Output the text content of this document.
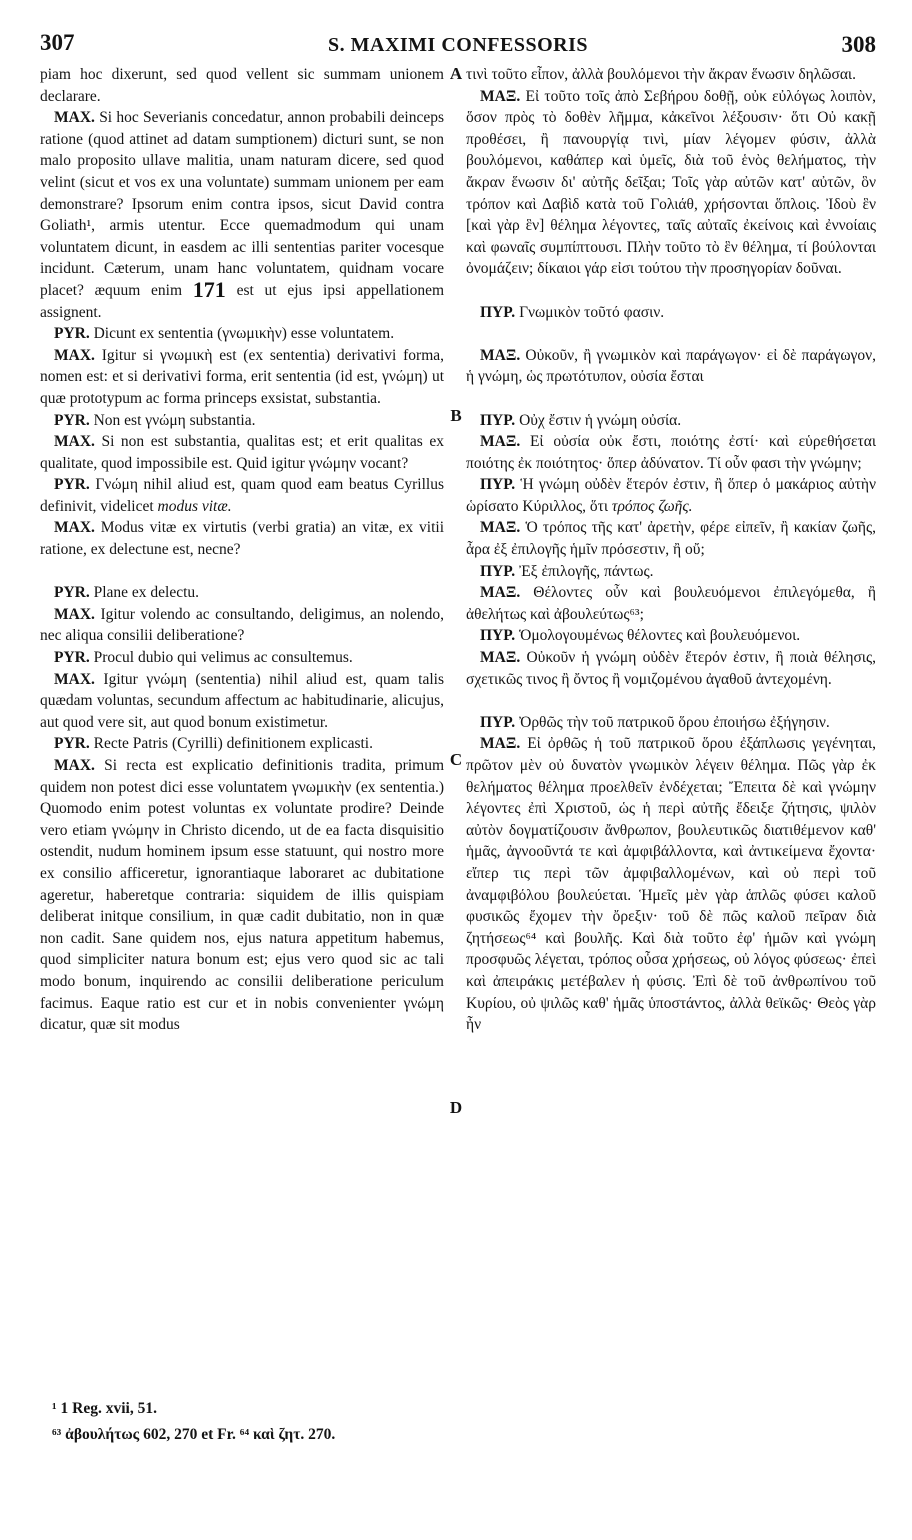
307	S. MAXIMI CONFESSORIS	308
A
B
C
D

piam hoc dixerunt, sed quod vellent sic summam unionem declarare.

MAX. Si hoc Severianis concedatur, annon probabili deinceps ratione (quod attinet ad datam sumptionem) dicturi sunt, se non malo proposito ullave malitia, unam naturam dicere, sed quod velint (sicut et vos ex una voluntate) summam unionem per eam demonstrare? Ipsorum enim contra ipsos, sicut David contra Goliath¹, armis utentur. Ecce quemadmodum qui unam voluntatem dicunt, in easdem ac illi sententias pariter vocesque incidunt. Cæterum, unam hanc voluntatem, quidnam vocare placet? æquum enim 171 est ut ejus ipsi appellationem assignent.

PYR. Dicunt ex sententia (γνωμικὴν) esse voluntatem.

MAX. Igitur si γνωμικὴ est (ex sententia) derivativi forma, nomen est: et si derivativi forma, erit sententia (id est, γνώμη) ut quæ prototypum ac forma princeps exsistat, substantia.

PYR. Non est γνώμη substantia.

MAX. Si non est substantia, qualitas est; et erit qualitas ex qualitate, quod impossibile est. Quid igitur γνώμην vocant?

PYR. Γνώμη nihil aliud est, quam quod eam beatus Cyrillus definivit, videlicet modus vitæ.

MAX. Modus vitæ ex virtutis (verbi gratia) an vitæ, ex vitii ratione, ex delectune est, necne?

PYR. Plane ex delectu.

MAX. Igitur volendo ac consultando, deligimus, an nolendo, nec aliqua consilii deliberatione?

PYR. Procul dubio qui velimus ac consultemus.

MAX. Igitur γνώμη (sententia) nihil aliud est, quam talis quædam voluntas, secundum affectum ac habitudinarie, alicujus, aut quod vere sit, aut quod bonum existimetur.

PYR. Recte Patris (Cyrilli) definitionem explicasti.

MAX. Si recta est explicatio definitionis tradita, primum quidem non potest dici esse voluntatem γνωμικὴν (ex sententia.) Quomodo enim potest voluntas ex voluntate prodire? Deinde vero etiam γνώμην in Christo dicendo, ut de ea facta disquisitio ostendit, nudum hominem ipsum esse statuunt, qui nostro more ex consilio afficeretur, ignorantiaque laboraret ac dubitatione ageretur, haberetque contraria: siquidem de illis quispiam deliberat initque consilium, in quæ cadit dubitatio, non in quæ non cadit. Sane quidem nos, ejus natura appetitum habemus, quod simpliciter natura bonum est; ejus vero quod sic ac tali modo bonum, inquirendo ac consilii deliberatione periculum facimus. Eaque ratio est cur et in nobis convenienter γνώμη dicatur, quæ sit modus

τινὶ τοῦτο εἶπον, ἀλλὰ βουλόμενοι τὴν ἄκραν ἕνωσιν δηλῶσαι.

ΜΑΞ. Εἰ τοῦτο τοῖς ἀπὸ Σεβήρου δοθῇ, οὐκ εὐλόγως λοιπὸν, ὅσον πρὸς τὸ δοθὲν λῆμμα, κἀκεῖνοι λέξουσιν· ὅτι Οὐ κακῇ προθέσει, ἢ πανουργίᾳ τινὶ, μίαν λέγομεν φύσιν, ἀλλὰ βουλόμενοι, καθάπερ καὶ ὑμεῖς, διὰ τοῦ ἑνὸς θελήματος, τὴν ἄκραν ἕνωσιν δι' αὐτῆς δεῖξαι; Τοῖς γὰρ αὐτῶν κατ' αὐτῶν, ὃν τρόπον καὶ Δαβὶδ κατὰ τοῦ Γολιάθ, χρήσονται ὅπλοις. Ἰδοὺ ἓν [καὶ γὰρ ἓν] θέλημα λέγοντες, ταῖς αὐταῖς ἐκείνοις καὶ ἐννοίαις καὶ φωναῖς συμπίπτουσι. Πλὴν τοῦτο τὸ ἓν θέλημα, τί βούλονται ὀνομάζειν; δίκαιοι γάρ εἰσι τούτου τὴν προσηγορίαν δοῦναι.

ΠΥΡ. Γνωμικὸν τοῦτό φασιν.

ΜΑΞ. Οὐκοῦν, ἢ γνωμικὸν καὶ παράγωγον· εἰ δὲ παράγωγον, ἡ γνώμη, ὡς πρωτότυπον, οὐσία ἔσται

ΠΥΡ. Οὐχ ἔστιν ἡ γνώμη οὐσία.

ΜΑΞ. Εἰ οὐσία οὐκ ἔστι, ποιότης ἐστί· καὶ εὑρεθήσεται ποιότης ἐκ ποιότητος· ὅπερ ἀδύνατον. Τί οὖν φασι τὴν γνώμην;

ΠΥΡ. Ἡ γνώμη οὐδὲν ἕτερόν ἐστιν, ἢ ὅπερ ὁ μακάριος αὐτὴν ὡρίσατο Κύριλλος, ὅτι τρόπος ζωῆς.

ΜΑΞ. Ὁ τρόπος τῆς κατ' ἀρετὴν, φέρε εἰπεῖν, ἢ κακίαν ζωῆς, ἆρα ἐξ ἐπιλογῆς ἡμῖν πρόσεστιν, ἢ οὔ;

ΠΥΡ. Ἐξ ἐπιλογῆς, πάντως.

ΜΑΞ. Θέλοντες οὖν καὶ βουλευόμενοι ἐπιλεγόμεθα, ἢ ἀθελήτως καὶ ἀβουλεύτως⁶³;

ΠΥΡ. Ὁμολογουμένως θέλοντες καὶ βουλευόμενοι.

ΜΑΞ. Οὐκοῦν ἡ γνώμη οὐδὲν ἕτερόν ἐστιν, ἢ ποιὰ θέλησις, σχετικῶς τινος ἢ ὄντος ἢ νομιζομένου ἀγαθοῦ ἀντεχομένη.

ΠΥΡ. Ὀρθῶς τὴν τοῦ πατρικοῦ ὅρου ἐποιήσω ἐξήγησιν.

ΜΑΞ. Εἰ ὀρθῶς ἡ τοῦ πατρικοῦ ὅρου ἐξάπλωσις γεγένηται, πρῶτον μὲν οὐ δυνατὸν γνωμικὸν λέγειν θέλημα. Πῶς γὰρ ἐκ θελήματος θέλημα προελθεῖν ἐνδέχεται; Ἔπειτα δὲ καὶ γνώμην λέγοντες ἐπὶ Χριστοῦ, ὡς ἡ περὶ αὐτῆς ἔδειξε ζήτησις, ψιλὸν αὐτὸν δογματίζουσιν ἄνθρωπον, βουλευτικῶς διατιθέμενον καθ' ἡμᾶς, ἀγνοοῦντά τε καὶ ἀμφιβάλλοντα, καὶ ἀντικείμενα ἔχοντα· εἴπερ τις περὶ τῶν ἀμφιβαλλομένων, καὶ οὐ περὶ τοῦ ἀναμφιβόλου βουλεύεται. Ἡμεῖς μὲν γὰρ ἁπλῶς φύσει καλοῦ φυσικῶς ἔχομεν τὴν ὄρεξιν· τοῦ δὲ πῶς καλοῦ πεῖραν διὰ ζητήσεως⁶⁴ καὶ βουλῆς. Καὶ διὰ τοῦτο ἐφ' ἡμῶν καὶ γνώμη προσφυῶς λέγεται, τρόπος οὖσα χρήσεως, οὐ λόγος φύσεως· ἐπεὶ καὶ ἀπειράκις μετέβαλεν ἡ φύσις. Ἐπὶ δὲ τοῦ ἀνθρωπίνου τοῦ Κυρίου, οὐ ψιλῶς καθ' ἡμᾶς ὑποστάντος, ἀλλὰ θεϊκῶς· Θεὸς γὰρ ἦν

¹ 1 Reg. xvii, 51.

⁶³ ἀβουλήτως 602, 270 et Fr. ⁶⁴ καὶ ζητ. 270.
